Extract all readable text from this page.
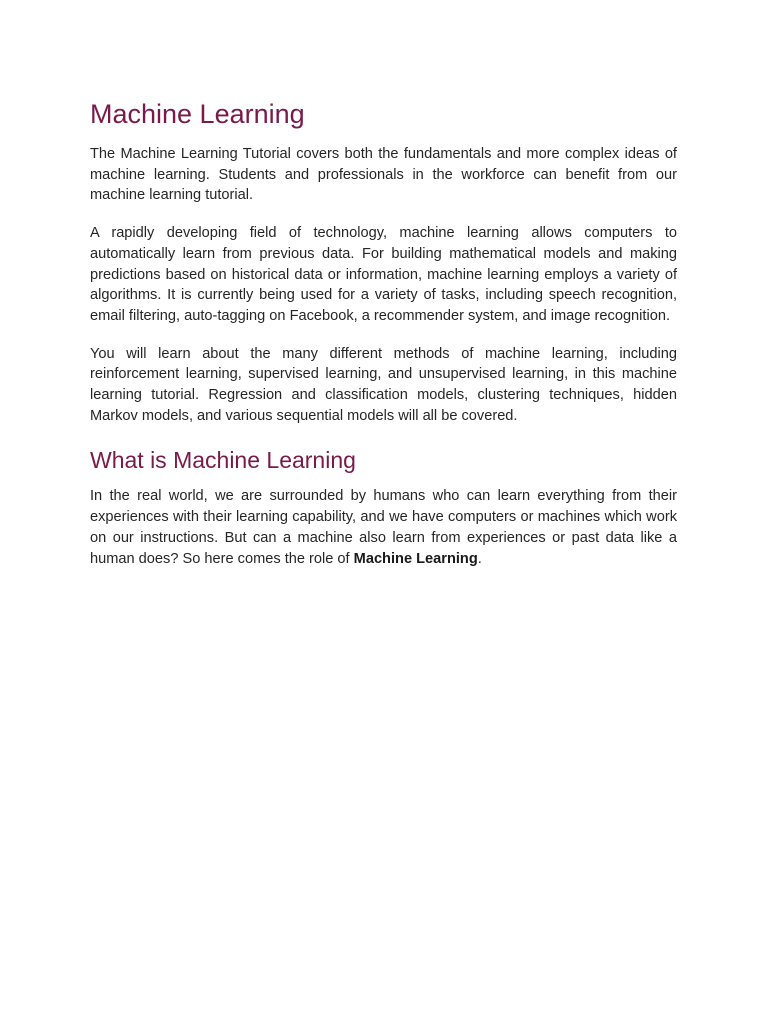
Machine Learning

The Machine Learning Tutorial covers both the fundamentals and more complex ideas of machine learning. Students and professionals in the workforce can benefit from our machine learning tutorial.

A rapidly developing field of technology, machine learning allows computers to automatically learn from previous data. For building mathematical models and making predictions based on historical data or information, machine learning employs a variety of algorithms. It is currently being used for a variety of tasks, including speech recognition, email filtering, auto-tagging on Facebook, a recommender system, and image recognition.

You will learn about the many different methods of machine learning, including reinforcement learning, supervised learning, and unsupervised learning, in this machine learning tutorial. Regression and classification models, clustering techniques, hidden Markov models, and various sequential models will all be covered.

What is Machine Learning

In the real world, we are surrounded by humans who can learn everything from their experiences with their learning capability, and we have computers or machines which work on our instructions. But can a machine also learn from experiences or past data like a human does? So here comes the role of Machine Learning.
